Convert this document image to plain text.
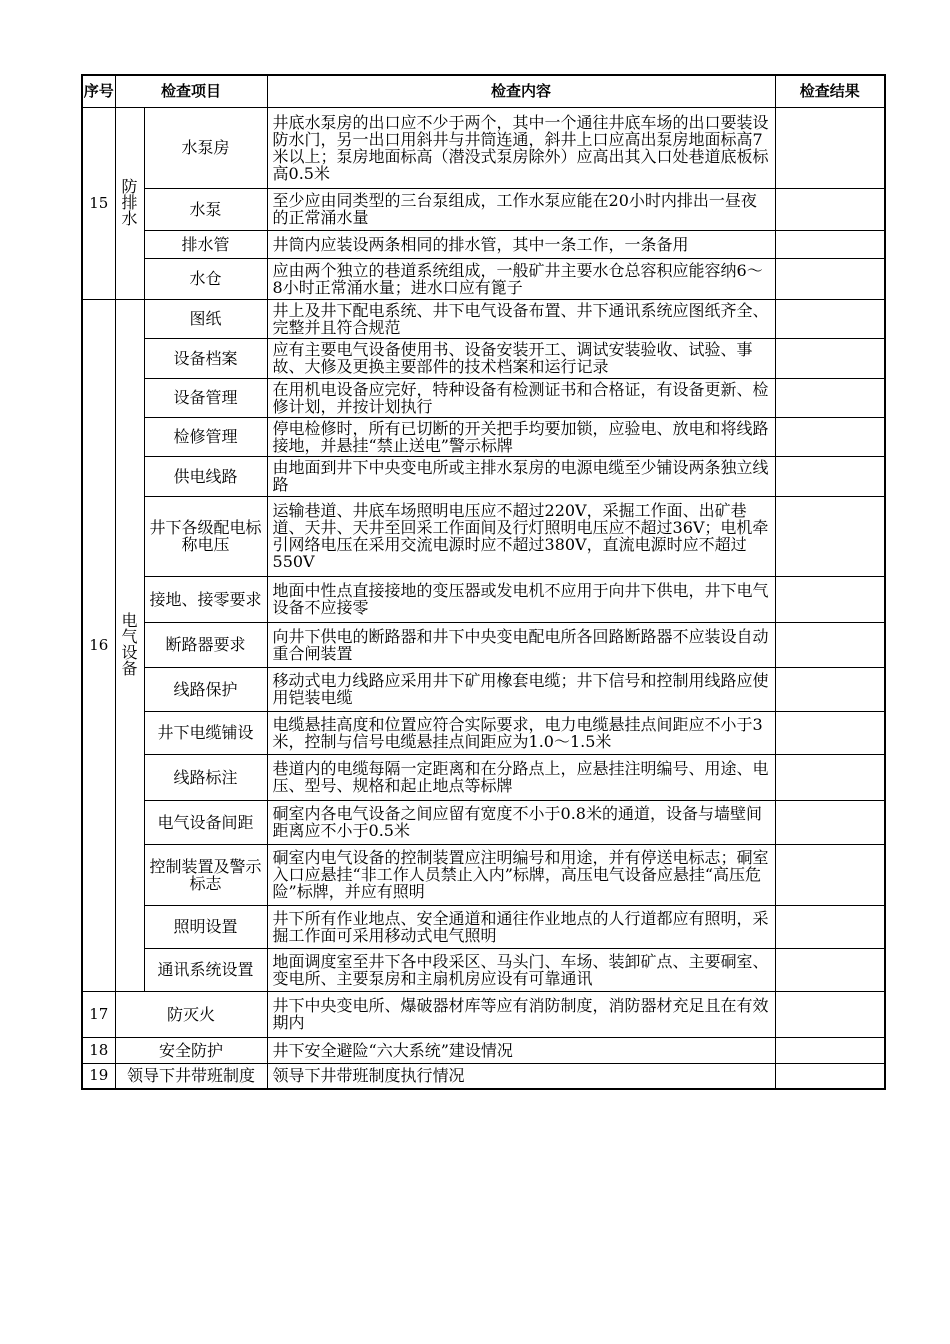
序号	检查项目		检查内容	检查结果
15	防排水	水泵房	井底水泵房的出口应不少于两个，其中一个通往井底车场的出口要装设防水门，另一出口用斜井与井筒连通，斜井上口应高出泵房地面标高7米以上；泵房地面标高（潜没式泵房除外）应高出其入口处巷道底板标高0.5米	
		水泵	至少应由同类型的三台泵组成，工作水泵应能在20小时内排出一昼夜的正常涌水量	
		排水管	井筒内应装设两条相同的排水管，其中一条工作，一条备用	
		水仓	应由两个独立的巷道系统组成，一般矿井主要水仓总容积应能容纳6～8小时正常涌水量；进水口应有篦子	
16	电气设备	图纸	井上及井下配电系统、井下电气设备布置、井下通讯系统应图纸齐全、完整并且符合规范	
		设备档案	应有主要电气设备使用书、设备安装开工、调试安装验收、试验、事故、大修及更换主要部件的技术档案和运行记录	
		设备管理	在用机电设备应完好，特种设备有检测证书和合格证，有设备更新、检修计划，并按计划执行	
		检修管理	停电检修时，所有已切断的开关把手均要加锁，应验电、放电和将线路接地，并悬挂“禁止送电”警示标牌	
		供电线路	由地面到井下中央变电所或主排水泵房的电源电缆至少铺设两条独立线路	
		井下各级配电标称电压	运输巷道、井底车场照明电压应不超过220V，采掘工作面、出矿巷道、天井、天井至回采工作面间及行灯照明电压应不超过36V；电机牵引网络电压在采用交流电源时应不超过380V，直流电源时应不超过550V	
		接地、接零要求	地面中性点直接接地的变压器或发电机不应用于向井下供电，井下电气设备不应接零	
		断路器要求	向井下供电的断路器和井下中央变电配电所各回路断路器不应装设自动重合闸装置	
		线路保护	移动式电力线路应采用井下矿用橡套电缆；井下信号和控制用线路应使用铠装电缆	
		井下电缆铺设	电缆悬挂高度和位置应符合实际要求，电力电缆悬挂点间距应不小于3米，控制与信号电缆悬挂点间距应为1.0～1.5米	
		线路标注	巷道内的电缆每隔一定距离和在分路点上，应悬挂注明编号、用途、电压、型号、规格和起止地点等标牌	
		电气设备间距	硐室内各电气设备之间应留有宽度不小于0.8米的通道，设备与墙壁间距离应不小于0.5米	
		控制装置及警示标志	硐室内电气设备的控制装置应注明编号和用途，并有停送电标志；硐室入口应悬挂“非工作人员禁止入内”标牌，高压电气设备应悬挂“高压危险”标牌，并应有照明	
		照明设置	井下所有作业地点、安全通道和通往作业地点的人行道都应有照明，采掘工作面可采用移动式电气照明	
		通讯系统设置	地面调度室至井下各中段采区、马头门、车场、装卸矿点、主要硐室、变电所、主要泵房和主扇机房应设有可靠通讯	
17	防灭火		井下中央变电所、爆破器材库等应有消防制度，消防器材充足且在有效期内	
18	安全防护		井下安全避险“六大系统”建设情况	
19	领导下井带班制度		领导下井带班制度执行情况	
